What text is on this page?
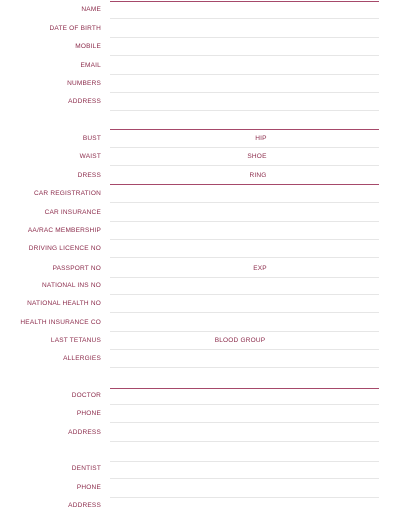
NAME
DATE OF BIRTH
MOBILE
EMAIL
NUMBERS
ADDRESS
BUST	HIP
WAIST	SHOE
DRESS	RING
CAR REGISTRATION
CAR INSURANCE
AA/RAC MEMBERSHIP
DRIVING LICENCE NO
PASSPORT NO	EXP
NATIONAL INS NO
NATIONAL HEALTH NO
HEALTH INSURANCE CO
LAST TETANUS	BLOOD GROUP
ALLERGIES
DOCTOR
PHONE
ADDRESS
DENTIST
PHONE
ADDRESS
